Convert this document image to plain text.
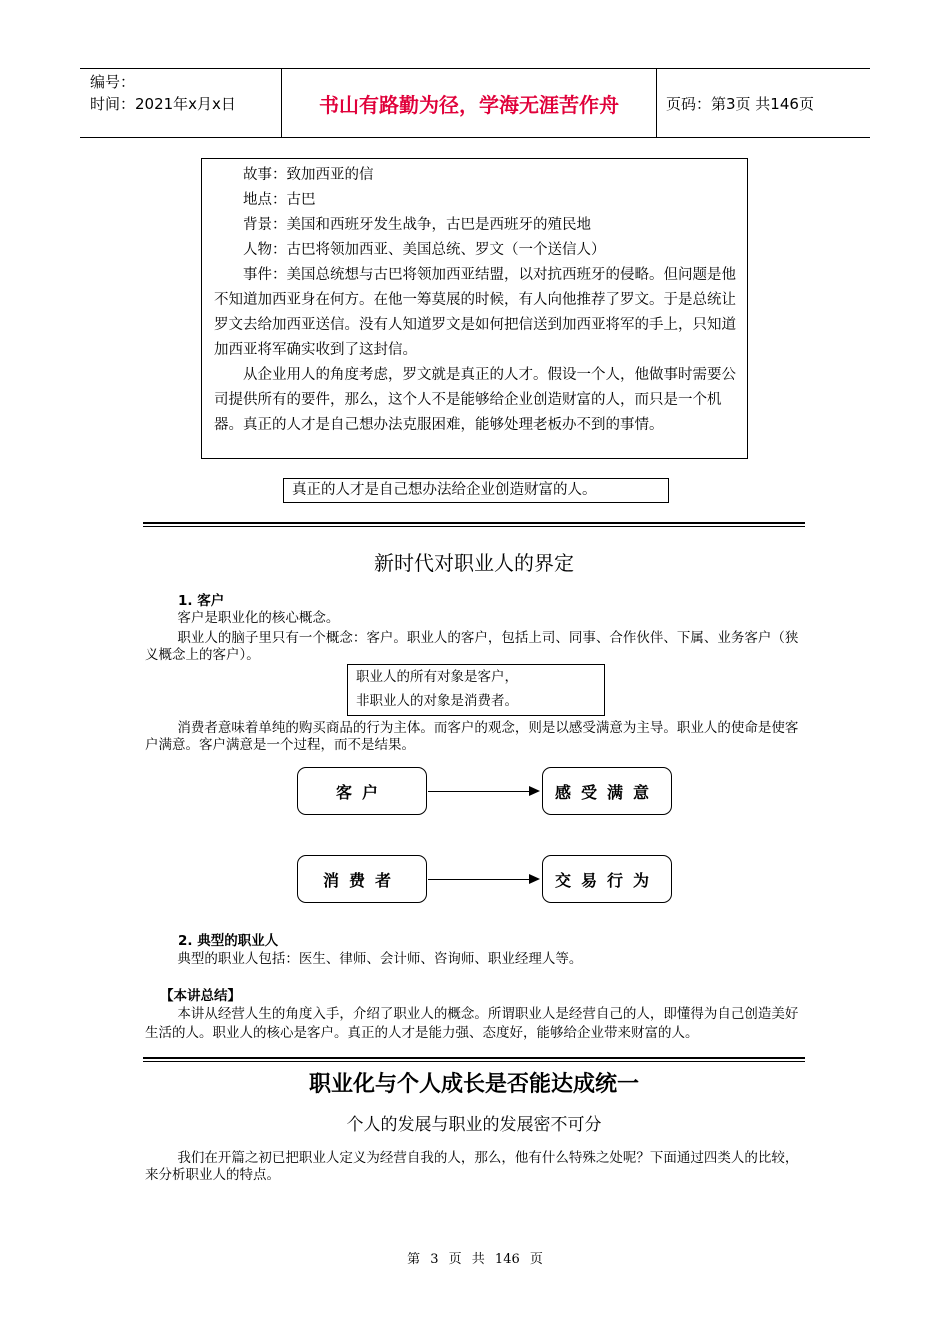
编号：
时间：2021年x月x日	书山有路勤为径，学海无涯苦作舟	页码：第3页 共146页

故事：致加西亚的信

地点：古巴

背景：美国和西班牙发生战争，古巴是西班牙的殖民地

人物：古巴将领加西亚、美国总统、罗文（一个送信人）

事件：美国总统想与古巴将领加西亚结盟，以对抗西班牙的侵略。但问题是他不知道加西亚身在何方。在他一筹莫展的时候，有人向他推荐了罗文。于是总统让罗文去给加西亚送信。没有人知道罗文是如何把信送到加西亚将军的手上，只知道加西亚将军确实收到了这封信。

从企业用人的角度考虑，罗文就是真正的人才。假设一个人，他做事时需要公司提供所有的要件，那么，这个人不是能够给企业创造财富的人，而只是一个机器。真正的人才是自己想办法克服困难，能够处理老板办不到的事情。

真正的人才是自己想办法给企业创造财富的人。
新时代对职业人的界定
1. 客户
客户是职业化的核心概念。
职业人的脑子里只有一个概念：客户。职业人的客户，包括上司、同事、合作伙伴、下属、业务客户（狭义概念上的客户）。
职业人的所有对象是客户，
非职业人的对象是消费者。
消费者意味着单纯的购买商品的行为主体。而客户的观念，则是以感受满意为主导。职业人的使命是使客户满意。客户满意是一个过程，而不是结果。
客户	感受满意
消费者	交易行为
2. 典型的职业人
典型的职业人包括：医生、律师、会计师、咨询师、职业经理人等。
【本讲总结】
本讲从经营人生的角度入手，介绍了职业人的概念。所谓职业人是经营自己的人，即懂得为自己创造美好生活的人。职业人的核心是客户。真正的人才是能力强、态度好，能够给企业带来财富的人。
职业化与个人成长是否能达成统一
个人的发展与职业的发展密不可分
我们在开篇之初已把职业人定义为经营自我的人，那么，他有什么特殊之处呢？下面通过四类人的比较，来分析职业人的特点。
第 3 页 共 146 页
